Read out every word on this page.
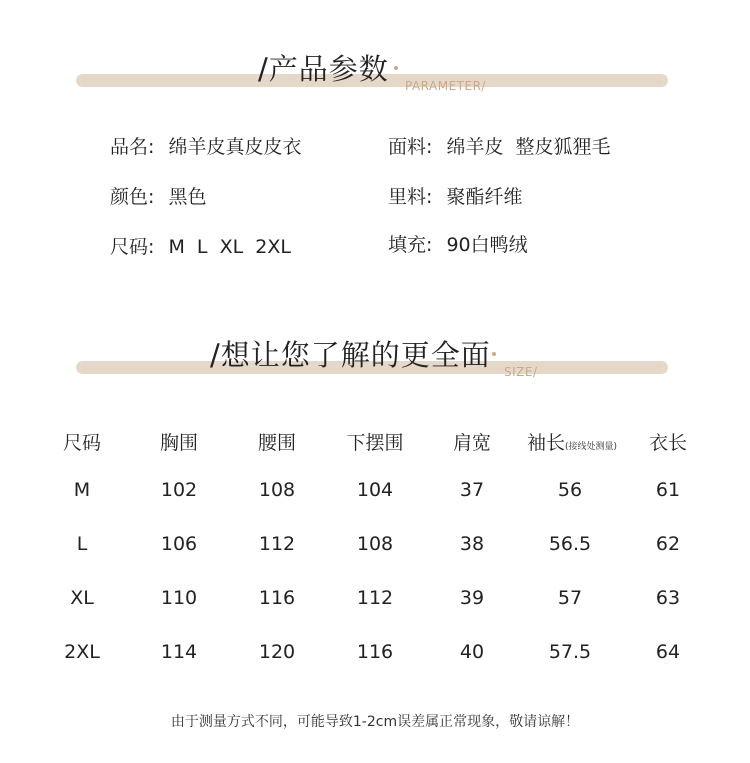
/产品参数 PARAMETER/
品名: 绵羊皮真皮皮衣
颜色: 黑色
尺码: M  L  XL  2XL
面料: 绵羊皮  整皮狐狸毛
里料: 聚酯纤维
填充: 90白鸭绒
/想让您了解的更全面 SIZE/
尺码	胸围	腰围	下摆围	肩宽	袖长(接线处测量)	衣长
M	102	108	104	37	56	61
L	106	112	108	38	56.5	62
XL	110	116	112	39	57	63
2XL	114	120	116	40	57.5	64
由于测量方式不同，可能导致1-2cm误差属正常现象，敬请谅解！
